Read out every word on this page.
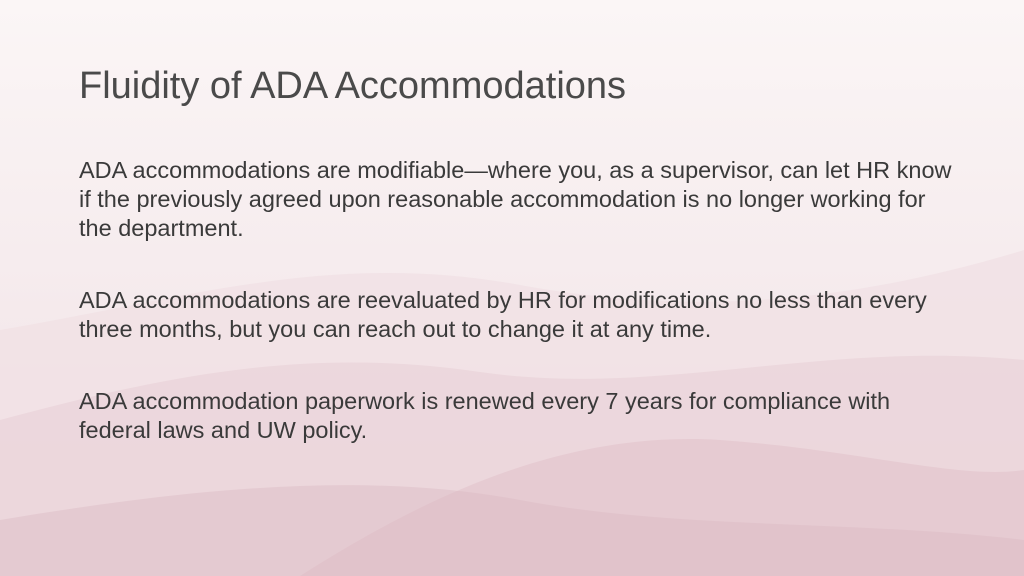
Fluidity of ADA Accommodations

ADA accommodations are modifiable—where you, as a supervisor, can let HR know if the previously agreed upon reasonable accommodation is no longer working for the department.

ADA accommodations are reevaluated by HR for modifications no less than every three months, but you can reach out to change it at any time.

ADA accommodation paperwork is renewed every 7 years for compliance with federal laws and UW policy.
